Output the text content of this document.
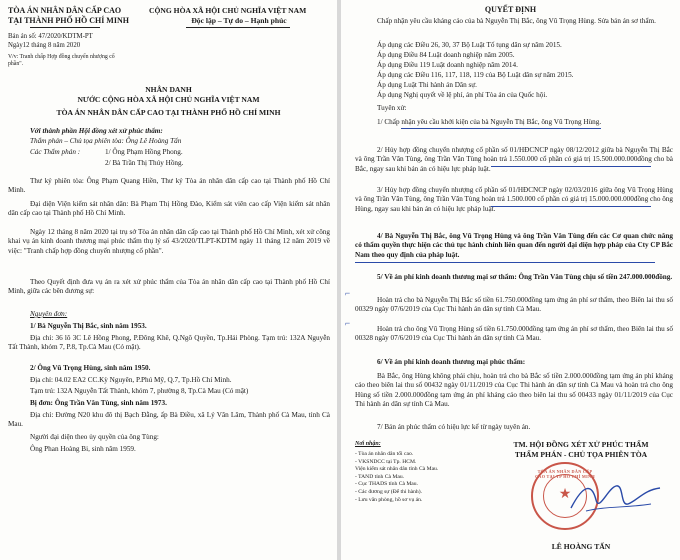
TÒA ÁN NHÂN DÂN CẤP CAO
TẠI THÀNH PHỐ HỒ CHÍ MINH
Bản án số: 47/2020/KDTM-PT
Ngày12 tháng 8 năm 2020
V/v: Tranh chấp Hợp đồng chuyển nhượng cổ phần".
CỘNG HÒA XÃ HỘI CHỦ NGHĨA VIỆT NAM
Độc lập – Tự do – Hạnh phúc
NHÂN DANH
NƯỚC CỘNG HÒA XÃ HỘI CHỦ NGHĨA VIỆT NAM
TÒA ÁN NHÂN DÂN CẤP CAO TẠI THÀNH PHỐ HỒ CHÍ MINH
Với thành phần Hội đồng xét xử phúc thẩm:
Thẩm phán – Chủ tọa phiên tòa: Ông Lê Hoàng Tấn
Các Thẩm phán :	1/ Ông Phạm Hồng Phong.
2/ Bà Trần Thị Thúy Hồng.
Thư ký phiên tòa: Ông Phạm Quang Hiền, Thư ký Tòa án nhân dân cấp cao tại Thành phố Hồ Chí Minh.
Đại diện Viện kiểm sát nhân dân: Bà Phạm Thị Hồng Đào, Kiểm sát viên cao cấp Viện kiểm sát nhân dân cấp cao tại Thành phố Hồ Chí Minh.
Ngày 12 tháng 8 năm 2020 tại trụ sở Tòa án nhân dân cấp cao tại Thành phố Hồ Chí Minh, xét xử công khai vụ án kinh doanh thương mại phúc thẩm thụ lý số 43/2020/TLPT-KDTM ngày 11 tháng 12 năm 2019 về việc: "Tranh chấp hợp đồng chuyển nhượng cổ phần".
Theo Quyết định đưa vụ án ra xét xử phúc thẩm của Tòa án nhân dân cấp cao tại Thành phố Hồ Chí Minh, giữa các bên đương sự:
Nguyên đơn:
1/ Bà Nguyễn Thị Bắc, sinh năm 1953.
Địa chỉ: 36 lô 3C Lê Hồng Phong, P.Đông Khê, Q.Ngô Quyền, Tp.Hải Phòng. Tạm trú: 132A Nguyễn Tất Thành, khóm 7, P.8, Tp.Cà Mau (Có mặt).
2/ Ông Vũ Trọng Hùng, sinh năm 1950.
Địa chỉ: 04.02 EA2 CC.Kỳ Nguyên, P.Phú Mỹ, Q.7, Tp.Hồ Chí Minh.
Tạm trú: 132A Nguyễn Tất Thành, khóm 7, phường 8, Tp.Cà Mau (Có mặt)
Bị đơn: Ông Trần Văn Tùng, sinh năm 1973.
Địa chỉ: Đường N20 khu đô thị Bạch Đằng, ấp Bà Điều, xã Lý Văn Lâm, Thành phố Cà Mau, tỉnh Cà Mau.
Người đại diện theo ủy quyền của ông Tùng:
Ông Phan Hoàng Bi, sinh năm 1959.
QUYẾT ĐỊNH
Chấp nhận yêu cầu kháng cáo của bà Nguyễn Thị Bắc, ông Vũ Trọng Hùng. Sửa bản án sơ thẩm.
Áp dụng các Điều 26, 30, 37 Bộ Luật Tố tụng dân sự năm 2015.
Áp dụng Điều 84 Luật doanh nghiệp năm 2005.
Áp dụng Điều 119 Luật doanh nghiệp năm 2014.
Áp dụng các Điều 116, 117, 118, 119 của Bộ Luật dân sự năm 2015.
Áp dụng Luật Thi hành án Dân sự.
Áp dụng Nghị quyết về lệ phí, án phí Tòa án của Quốc hội.
Tuyên xử:
1/ Chấp nhận yêu cầu khởi kiện của bà Nguyễn Thị Bắc, ông Vũ Trọng Hùng.
2/ Hủy hợp đồng chuyển nhượng cổ phần số 01/HĐCNCP ngày 08/12/2012 giữa bà Nguyễn Thị Bắc và ông Trần Văn Tùng, ông Trần Văn Tùng hoàn trả 1.550.000 cổ phần có giá trị 15.500.000.000đồng cho bà Bắc, ngay sau khi bản án có hiệu lực pháp luật.
3/ Hủy hợp đồng chuyển nhượng cổ phần số 01/HĐCNCP ngày 02/03/2016 giữa ông Vũ Trọng Hùng và ông Trần Văn Tùng, ông Trần Văn Tùng hoàn trả 1.500.000 cổ phần có giá trị 15.000.000.000đồng cho ông Hùng, ngay sau khi bản án có hiệu lực pháp luật.
4/ Bà Nguyễn Thị Bắc, ông Vũ Trọng Hùng và ông Trần Văn Tùng đến các Cơ quan chức năng có thẩm quyền thực hiện các thủ tục hành chính liên quan đến người đại diện hợp pháp của Cty CP Bắc Nam theo quy định của pháp luật.
5/ Về án phí kinh doanh thương mại sơ thẩm: Ông Trần Văn Tùng chịu số tiền 247.000.000đồng.
Hoàn trả cho bà Nguyễn Thị Bắc số tiền 61.750.000đồng tạm ứng án phí sơ thẩm, theo Biên lai thu số 00329 ngày 07/6/2019 của Cục Thi hành án dân sự tỉnh Cà Mau.
Hoàn trả cho ông Vũ Trọng Hùng số tiền 61.750.000đồng tạm ứng án phí sơ thẩm, theo Biên lai thu số 00328 ngày 07/6/2019 của Cục Thi hành án dân sự tỉnh Cà Mau.
6/ Về án phí kinh doanh thương mại phúc thẩm:
Bà Bắc, ông Hùng không phải chịu, hoàn trả cho bà Bắc số tiền 2.000.000đồng tạm ứng án phí kháng cáo theo biên lai thu số 00432 ngày 01/11/2019 của Cục Thi hành án dân sự tỉnh Cà Mau và hoàn trả cho ông Hùng số tiền 2.000.000đồng tạm ứng án phí kháng cáo theo biên lai thu số 00433 ngày 01/11/2019 của Cục Thi hành án dân sự tỉnh Cà Mau.
7/ Bản án phúc thẩm có hiệu lực kể từ ngày tuyên án.
⌐
⌐
Nơi nhận:
- Tòa án nhân dân tối cao.
- VKSNDCC tại Tp. HCM.
Viện kiểm sát nhân dân tỉnh Cà Mau.
- TAND tỉnh Cà Mau.
- Cục THADS tỉnh Cà Mau.
- Các đương sự (Để thi hành).
- Lưu văn phòng, hồ sơ vụ án.
TM. HỘI ĐỒNG XÉT XỬ PHÚC THẨM
THẨM PHÁN - CHỦ TỌA PHIÊN TÒA
TÒA ÁN NHÂN DÂN CẤP CAO TẠI TP HỒ CHÍ MINH
★
LÊ HOÀNG TẤN
